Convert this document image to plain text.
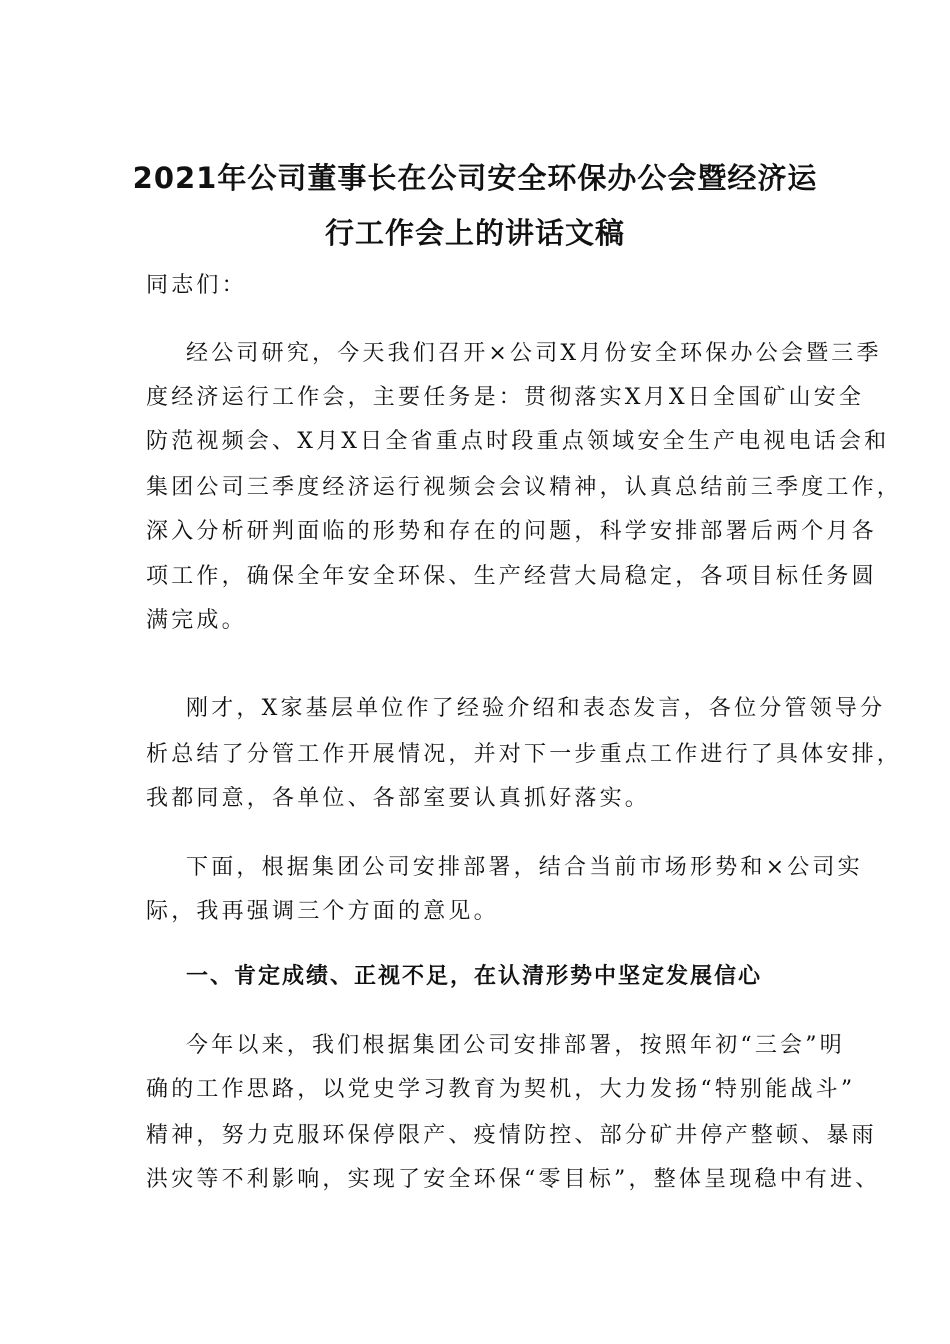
2021年公司董事长在公司安全环保办公会暨经济运
行工作会上的讲话文稿
同志们：
经公司研究，今天我们召开×公司X月份安全环保办公会暨三季
度经济运行工作会，主要任务是：贯彻落实X月X日全国矿山安全
防范视频会、X月X日全省重点时段重点领域安全生产电视电话会和
集团公司三季度经济运行视频会会议精神，认真总结前三季度工作，
深入分析研判面临的形势和存在的问题，科学安排部署后两个月各
项工作，确保全年安全环保、生产经营大局稳定，各项目标任务圆
满完成。
刚才，X家基层单位作了经验介绍和表态发言，各位分管领导分
析总结了分管工作开展情况，并对下一步重点工作进行了具体安排，
我都同意，各单位、各部室要认真抓好落实。
下面，根据集团公司安排部署，结合当前市场形势和×公司实
际，我再强调三个方面的意见。
一、肯定成绩、正视不足，在认清形势中坚定发展信心
今年以来，我们根据集团公司安排部署，按照年初“三会”明
确的工作思路，以党史学习教育为契机，大力发扬“特别能战斗”
精神，努力克服环保停限产、疫情防控、部分矿井停产整顿、暴雨
洪灾等不利影响，实现了安全环保“零目标”，整体呈现稳中有进、
